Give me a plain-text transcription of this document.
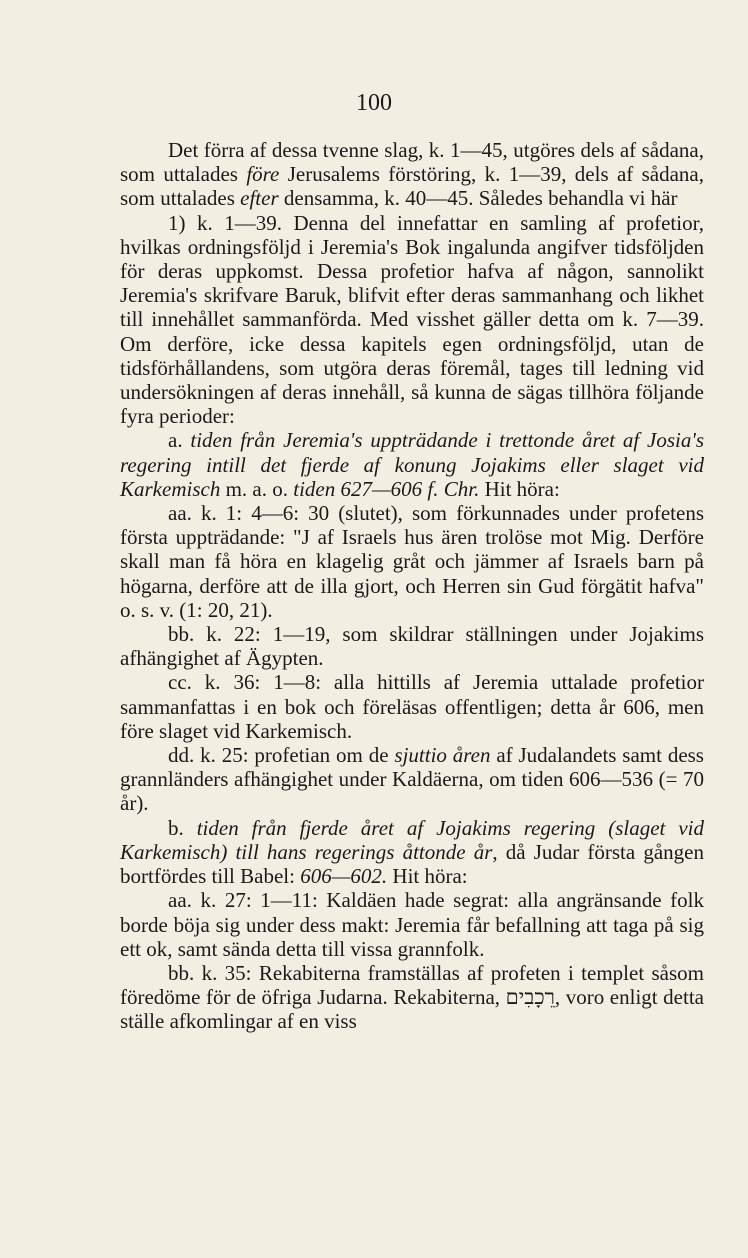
100

Det förra af dessa tvenne slag, k. 1—45, utgöres dels af sådana, som uttalades före Jerusalems förstöring, k. 1—39, dels af sådana, som uttalades efter densamma, k. 40—45. Således behandla vi här

1) k. 1—39. Denna del innefattar en samling af profetior, hvilkas ordningsföljd i Jeremia's Bok ingalunda angifver tidsföljden för deras uppkomst. Dessa profetior hafva af någon, sannolikt Jeremia's skrifvare Baruk, blifvit efter deras sammanhang och likhet till innehållet sammanförda. Med visshet gäller detta om k. 7—39. Om derföre, icke dessa kapitels egen ordningsföljd, utan de tidsförhållandens, som utgöra deras föremål, tages till ledning vid undersökningen af deras innehåll, så kunna de sägas tillhöra följande fyra perioder:

a. tiden från Jeremia's uppträdande i trettonde året af Josia's regering intill det fjerde af konung Jojakims eller slaget vid Karkemisch m. a. o. tiden 627—606 f. Chr. Hit höra:

aa. k. 1: 4—6: 30 (slutet), som förkunnades under profetens första uppträdande: "J af Israels hus ären trolöse mot Mig. Derföre skall man få höra en klagelig gråt och jämmer af Israels barn på högarna, derföre att de illa gjort, och Herren sin Gud förgätit hafva" o. s. v. (1: 20, 21).

bb. k. 22: 1—19, som skildrar ställningen under Jojakims afhängighet af Ägypten.

cc. k. 36: 1—8: alla hittills af Jeremia uttalade profetior sammanfattas i en bok och föreläsas offentligen; detta år 606, men före slaget vid Karkemisch.

dd. k. 25: profetian om de sjuttio åren af Judalandets samt dess grannländers afhängighet under Kaldäerna, om tiden 606—536 (= 70 år).

b. tiden från fjerde året af Jojakims regering (slaget vid Karkemisch) till hans regerings åttonde år, då Judar första gången bortfördes till Babel: 606—602. Hit höra:

aa. k. 27: 1—11: Kaldäen hade segrat: alla angränsande folk borde böja sig under dess makt: Jeremia får befallning att taga på sig ett ok, samt sända detta till vissa grannfolk.

bb. k. 35: Rekabiterna framställas af profeten i templet såsom föredöme för de öfriga Judarna. Rekabiterna, רֵכָבִים, voro enligt detta ställe afkomlingar af en viss
